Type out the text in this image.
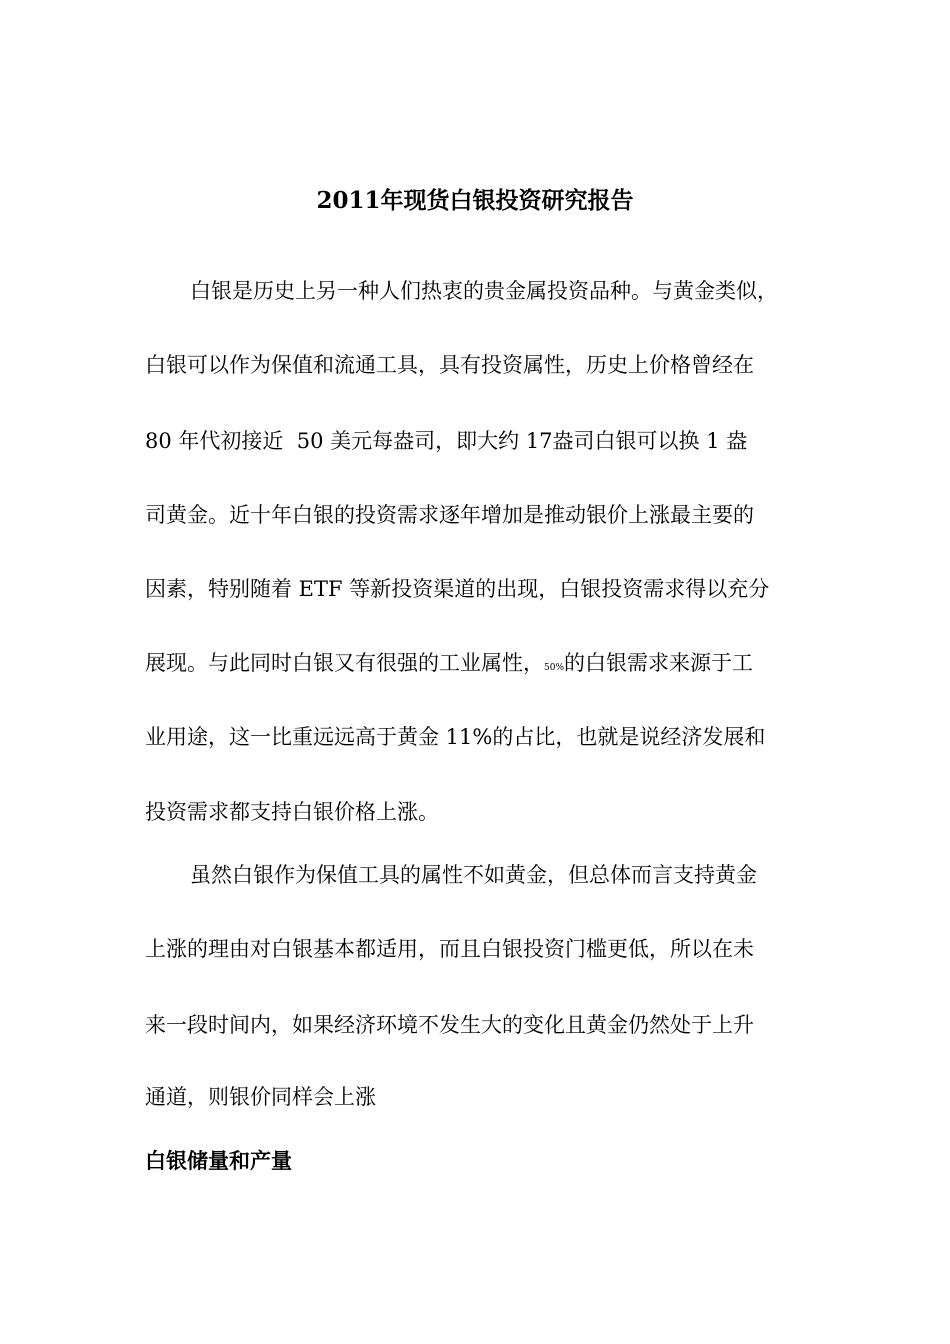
2011年现货白银投资研究报告
白银是历史上另一种人们热衷的贵金属投资品种。与黄金类似，
白银可以作为保值和流通工具，具有投资属性，历史上价格曾经在
80 年代初接近  50 美元每盎司，即大约 17盎司白银可以换 1 盎
司黄金。近十年白银的投资需求逐年增加是推动银价上涨最主要的
因素，特别随着 ETF 等新投资渠道的出现，白银投资需求得以充分
展现。与此同时白银又有很强的工业属性，50%的白银需求来源于工
业用途，这一比重远远高于黄金 11%的占比，也就是说经济发展和
投资需求都支持白银价格上涨。
虽然白银作为保值工具的属性不如黄金，但总体而言支持黄金
上涨的理由对白银基本都适用，而且白银投资门槛更低，所以在未
来一段时间内，如果经济环境不发生大的变化且黄金仍然处于上升
通道，则银价同样会上涨
白银储量和产量
